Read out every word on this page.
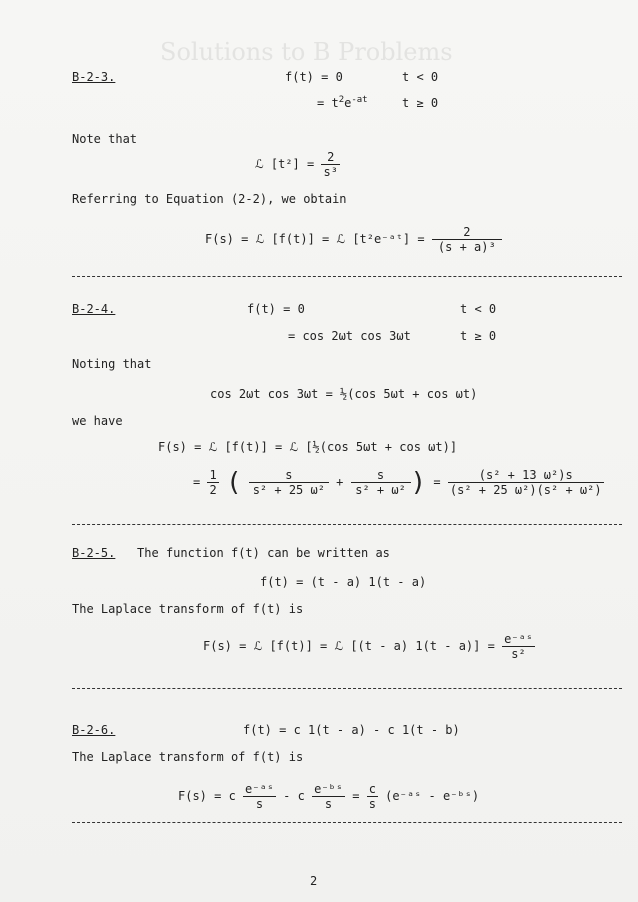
Solutions to B Problems
B-2-3.	f(t) = 0	t < 0
= $t^2e^{-at}$	t ≥ 0
Note that
ℒ $[t^2] = \frac{2}{\text{s³}}$
Referring to Equation (2-2), we obtain
F(s) = ℒ [f(t)] = ℒ [t²e⁻ᵃᵗ] = $\frac{2}{\text{(s + a)³}}$
B-2-4.	f(t) = 0	t < 0
= cos 2ωt cos 3ωt	t ≥ 0
Noting that
cos 2ωt cos 3ωt = ½(cos 5ωt + cos ωt)
we have
F(s) = ℒ [f(t)] = ℒ [½(cos 5ωt + cos ωt)]
= $\frac{1}{2}$ ( $\frac{s}{\text{s² + 25 ω²}} + \frac{s}{\text{s² + ω²}}$ ) = $\frac{\text{(s² + 13 ω²)s}}{\text{(s² + 25 ω²)(s² + ω²)}}$
B-2-5. The function f(t) can be written as
f(t) = (t - a) 1(t - a)
The Laplace transform of f(t) is
F(s) = ℒ [f(t)] = ℒ [(t - a) $1(t - a)] = \frac{\text{e⁻ᵃˢ}}{\text{s²}}$
B-2-6.	f(t) = c 1(t - a) - c 1(t - b)
The Laplace transform of f(t) is
F(s) = c $\frac{\text{e⁻ᵃˢ}}{s} - c \frac{\text{e⁻ᵇˢ}}{s} = \frac{c}{s}$ (e⁻ᵃˢ - e⁻ᵇˢ)
2
